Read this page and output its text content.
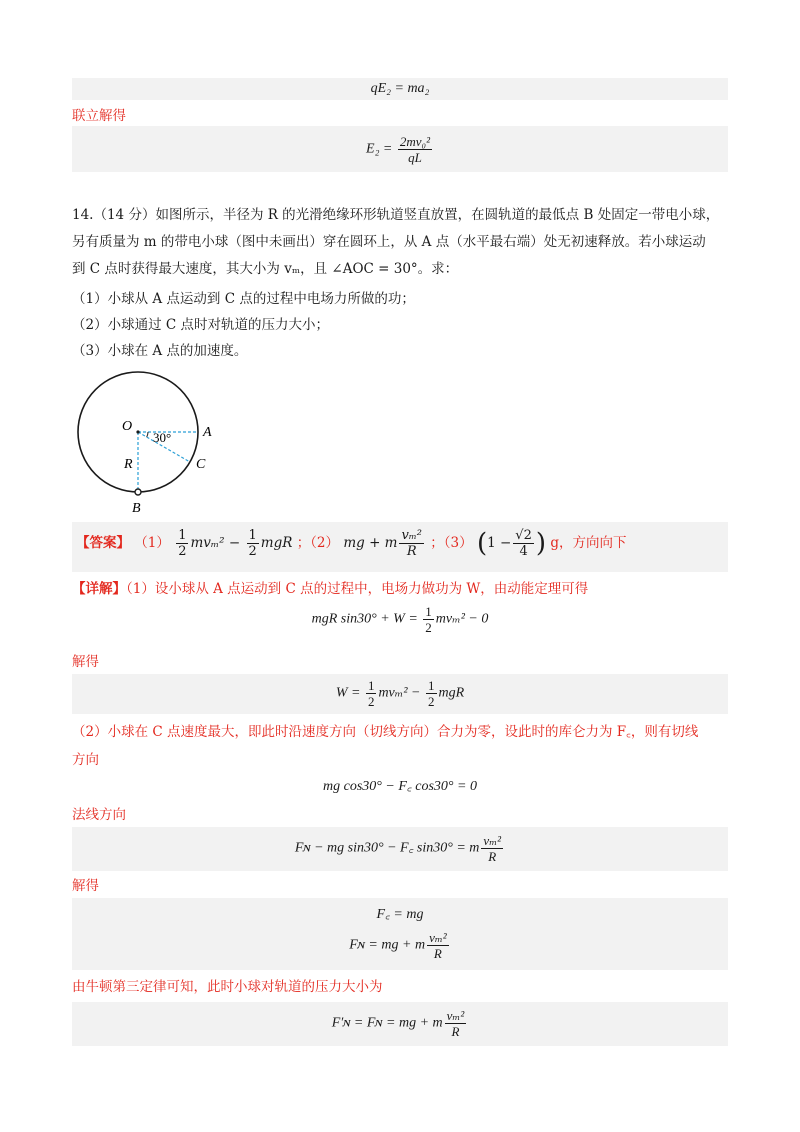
qE₂ = ma₂
联立解得
$E_2 = \frac{\text{2mv₀²}}{qL}$
14.（14 分）如图所示，半径为 R 的光滑绝缘环形轨道竖直放置，在圆轨道的最低点 B 处固定一带电小球，
另有质量为 m 的带电小球（图中未画出）穿在圆环上，从 A 点（水平最右端）处无初速释放。若小球运动
到 C 点时获得最大速度，其大小为 vₘ，且 ∠AOC = 30°。求：
（1）小球从 A 点运动到 C 点的过程中电场力所做的功；
（2）小球通过 C 点时对轨道的压力大小；
（3）小球在 A 点的加速度。
O	A
C
R
B
30°
【答案】 $(1) \frac{1}{2} mv_m^2 - \frac{1}{2}$ mgR ；（2） mg + m $\frac{\text{vₘ²}}{R}$ ；（3） ($1 - \frac{√2}{4}$ ) g，方向向下
【详解】（1）设小球从 A 点运动到 C 点的过程中，电场力做功为 W，由动能定理可得
mgR $\sin 30^\circ + W = \frac{1}{2} mv_m^2 - 0$
解得
$W = \frac{1}{2} mv_m^2 - \frac{1}{2}$ mgR
（2）小球在 C 点速度最大，即此时沿速度方向（切线方向）合力为零，设此时的库仑力为 F꜀，则有切线
方向
mg cos30° − F꜀ cos30° = 0
法线方向
Fɴ − mg sin30° − F꜀ sin30° = m $\frac{\text{vₘ²}}{R}$
解得
F꜀ = mg
Fɴ = mg + m $\frac{\text{vₘ²}}{R}$
由牛顿第三定律可知，此时小球对轨道的压力大小为
F′ɴ = Fɴ = mg + m $\frac{\text{vₘ²}}{R}$
